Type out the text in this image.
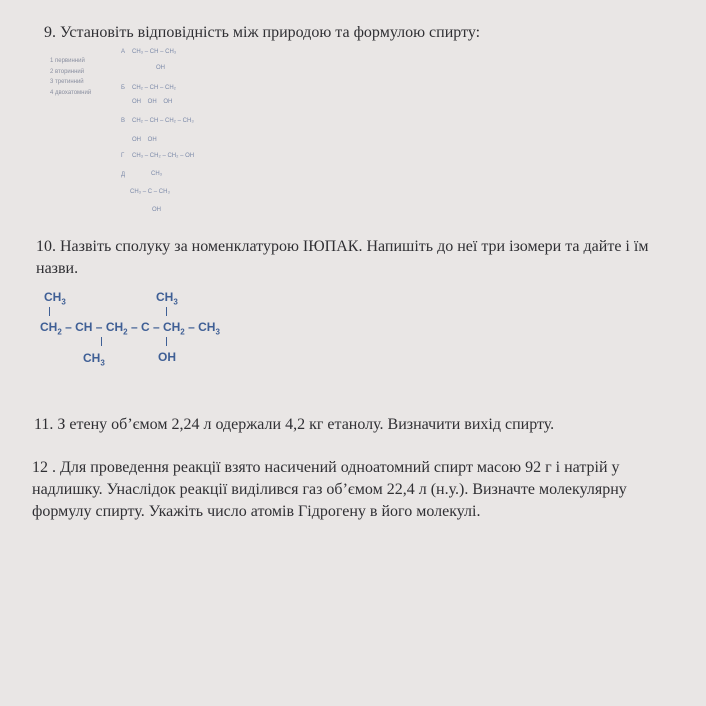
9. Установіть відповідність між природою та формулою спирту:

1 первинний
2 вторинний
3 третинний
4 двохатомний
А CH₃ – CH – CH₃
OH
Б CH₂ – CH – CH₂
OH    OH    OH
В CH₂ – CH – CH₂ – CH₃
OH    OH
Г CH₃ – CH₂ – CH₂ – OH
Д	CH₃
CH₃ – C – CH₃
OH

10. Назвіть сполуку за номенклатурою ІЮПАК. Напишіть до неї три ізомери та дайте і їм назви.

$CH_3$	$CH_3$
$CH_2$ – CH – $CH_2$ – C – $CH_2 - CH_3$
$CH_3$	OH

11. З етену об’ємом 2,24 л одержали 4,2 кг етанолу. Визначити вихід спирту.

12 . Для проведення реакції взято насичений одноатомний спирт масою 92 г і натрій у надлишку. Унаслідок реакції виділився газ об’ємом 22,4 л (н.у.). Визначте молекулярну формулу спирту. Укажіть число атомів Гідрогену в його молекулі.
